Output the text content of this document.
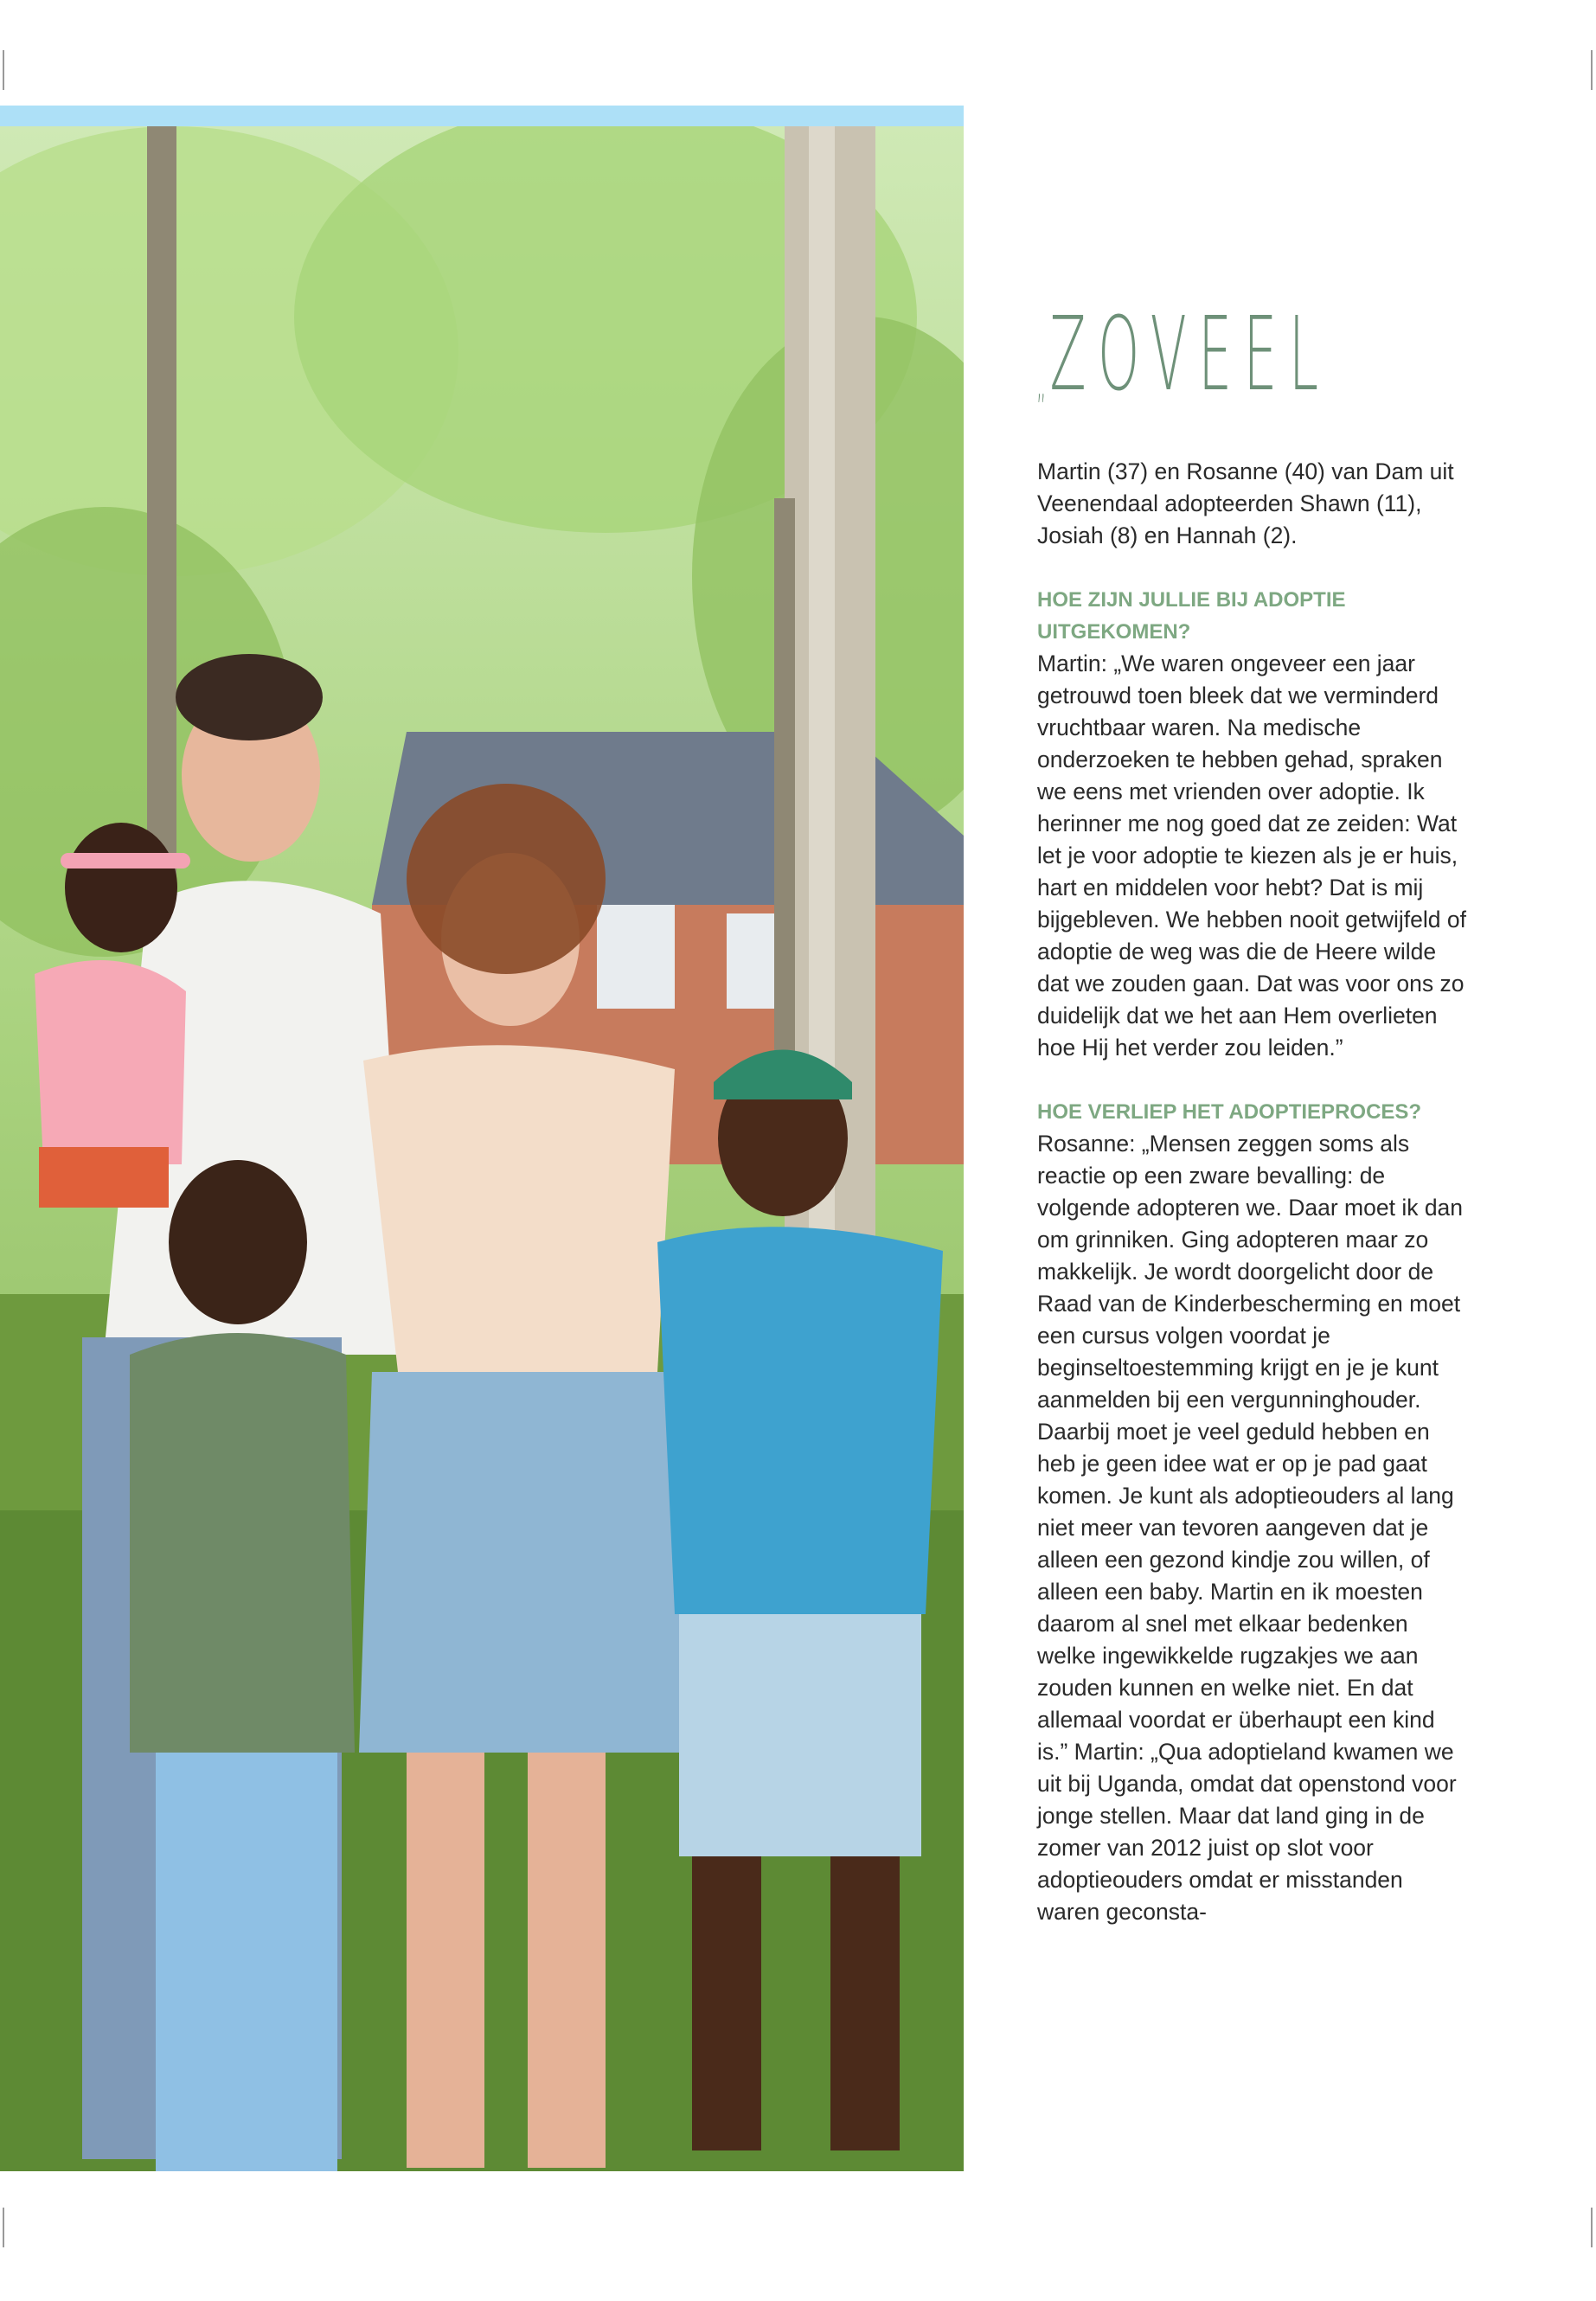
„ZOVEEL

Martin (37) en Rosanne (40) van Dam uit Veenendaal adopteerden Shawn (11), Josiah (8) en Hannah (2).

HOE ZIJN JULLIE BIJ ADOPTIE UITGEKOMEN?

Martin: „We waren ongeveer een jaar getrouwd toen bleek dat we verminderd vruchtbaar waren. Na medische onderzoeken te hebben gehad, spraken we eens met vrienden over adoptie. Ik herinner me nog goed dat ze zeiden: Wat let je voor adoptie te kiezen als je er huis, hart en middelen voor hebt? Dat is mij bijgebleven. We hebben nooit getwijfeld of adoptie de weg was die de Heere wilde dat we zouden gaan. Dat was voor ons zo duidelijk dat we het aan Hem overlieten hoe Hij het verder zou leiden.”

HOE VERLIEP HET ADOPTIEPROCES?

Rosanne: „Mensen zeggen soms als reactie op een zware bevalling: de volgende adopteren we. Daar moet ik dan om grinniken. Ging adopteren maar zo makkelijk. Je wordt doorgelicht door de Raad van de Kinderbescherming en moet een cursus volgen voordat je beginseltoestemming krijgt en je je kunt aanmelden bij een vergunninghouder. Daarbij moet je veel geduld hebben en heb je geen idee wat er op je pad gaat komen. Je kunt als adoptieouders al lang niet meer van tevoren aangeven dat je alleen een gezond kindje zou willen, of alleen een baby. Martin en ik moesten daarom al snel met elkaar bedenken welke ingewikkelde rugzakjes we aan zouden kunnen en welke niet. En dat allemaal voordat er überhaupt een kind is.” Martin: „Qua adoptieland kwamen we uit bij Uganda, omdat dat openstond voor jonge stellen. Maar dat land ging in de zomer van 2012 juist op slot voor adoptieouders omdat er misstanden waren geconsta-
